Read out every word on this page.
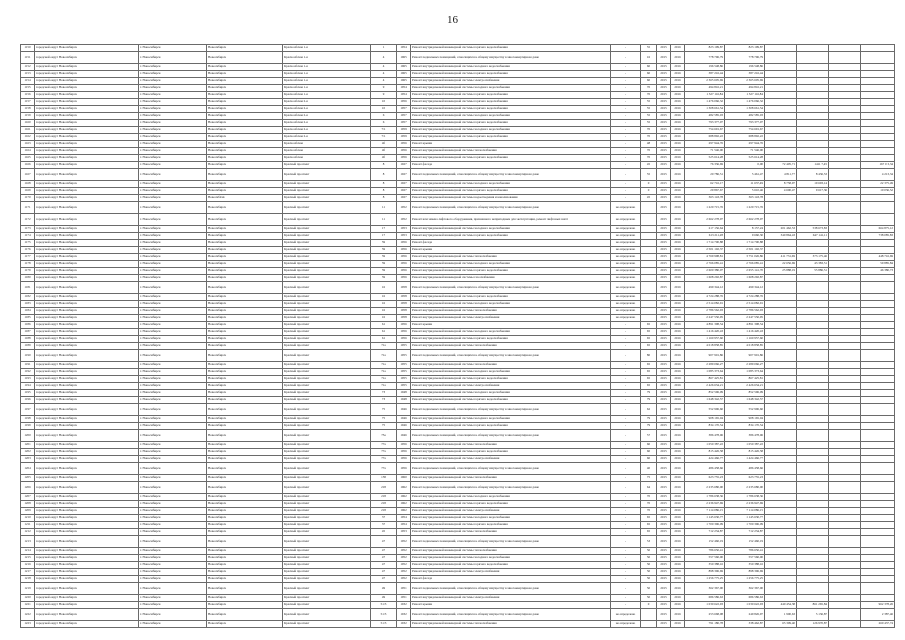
16
1150	городской округ Новосибирск	г. Новосибирск	Новосибирск	Краснообская 1-я	1	1954	Ремонт внутридомовой инженерной системы горячего водоснабжения	-	55	2015	2016	823 199,87	823 199,87				
1151	городской округ Новосибирск	г. Новосибирск	Новосибирск	Краснообская 1-я	4	1965	Ремонт подвальных помещений, относящихся к общему имуществу в многоквартирном доме	-	16	2015	2016	778 796,79	778 796,79				
1152	городской округ Новосибирск	г. Новосибирск	Новосибирск	Краснообская 1-я	4	1965	Ремонт внутридомовой инженерной системы холодного водоснабжения	-	60	2015	2016	196 548,86	196 548,86				
1153	городской округ Новосибирск	г. Новосибирск	Новосибирск	Краснообская 1-я	4	1965	Ремонт внутридомовой инженерной системы горячего водоснабжения	-	60	2015	2016	387 216,44	387 216,44				
1154	городской округ Новосибирск	г. Новосибирск	Новосибирск	Краснообская 1-я	4	1965	Ремонт внутридомовой инженерной системы электроснабжения	-	60	2015	2016	2 365 605,69	2 365 605,69				
1155	городской округ Новосибирск	г. Новосибирск	Новосибирск	Краснообская 1-я	9	1954	Ремонт внутридомовой инженерной системы холодного водоснабжения	-	70	2015	2016	494 816,21	494 816,21				
1156	городской округ Новосибирск	г. Новосибирск	Новосибирск	Краснообская 1-я	9	1954	Ремонт внутридомовой инженерной системы горячего водоснабжения	-	70	2015	2016	1 327 116,84	1 327 116,84				
1157	городской округ Новосибирск	г. Новосибирск	Новосибирск	Краснообская 2-я	10	1956	Ремонт внутридомовой инженерной системы горячего водоснабжения	-	55	2015	2016	1 476 066,32	1 476 066,32				
1158	городской округ Новосибирск	г. Новосибирск	Новосибирск	Краснообская 2-я	10	1957	Ремонт внутридомовой инженерной системы горячего водоснабжения	-	55	2015	2016	1 308 661,54	1 308 661,54				
1159	городской округ Новосибирск	г. Новосибирск	Новосибирск	Краснообская 2-я	6	1957	Ремонт внутридомовой инженерной системы холодного водоснабжения	-	55	2015	2016	482 585,03	482 585,03				
1160	городской округ Новосибирск	г. Новосибирск	Новосибирск	Краснообская 2-я	6	1957	Ремонт внутридомовой инженерной системы горячего водоснабжения	-	55	2015	2016	793 377,07	793 377,07				
1161	городской округ Новосибирск	г. Новосибирск	Новосибирск	Краснообская 2-я	7/1	1959	Ремонт внутридомовой инженерной системы холодного водоснабжения	-	70	2015	2016	754 691,67	754 691,67				
1162	городской округ Новосибирск	г. Новосибирск	Новосибирск	Краснообская 2-я	7/1	1959	Ремонт внутридомовой инженерной системы горячего водоснабжения	-	70	2015	2016	688 892,22	688 892,22				
1163	городской округ Новосибирск	г. Новосибирск	Новосибирск	Краснообская	4б	1956	Ремонт крыши	-	48	2015	2016	297 944,76	297 944,76				
1164	городской округ Новосибирск	г. Новосибирск	Новосибирск	Краснообская	4б	1956	Ремонт внутридомовой инженерной системы теплоснабжения	-	70	2015	2016	71 546,00	71 546,00				
1165	городской округ Новосибирск	г. Новосибирск	Новосибирск	Краснообская	4б	1956	Ремонт внутридомовой инженерной системы горячего водоснабжения	-	70	2015	2016	525 614,28	525 614,28				
1166	городской округ Новосибирск	г. Новосибирск	Новосибирск	Красный проспект	8	1927	Ремонт фасада	-	45	2015	2016	76 336,69	0,00	72 405,71	1411 7,45		167 0 3,34
1167	городской округ Новосибирск	г. Новосибирск	Новосибирск	Красный проспект	8	1927	Ремонт подвальных помещений, относящихся к общему имуществу в многоквартирном доме	-	55	2015	2016	20 786,51	5 461,47	4 811,77	8 436,53		4 213,34
1168	городской округ Новосибирск	г. Новосибирск	Новосибирск	Красный проспект	8	1927	Ремонт внутридомовой инженерной системы холодного водоснабжения	-	0	2015	2016	62 716,17	11 637,49	8 758,97	19 693,14		22 375,49
1169	городской округ Новосибирск	г. Новосибирск	Новосибирск	Красный проспект	8	1927	Ремонт внутридомовой инженерной системы горячего водоснабжения	-	0	2015	2016	29 867,67	5 610,46	4 600,47	9 617,36		10 036,52
1170	городской округ Новосибирск	г. Новосибирск	Новосибirsk	Красный проспект	8	1927	Ремонт внутридомовой инженерной системы водоотведения и канализования	-	45	2015	2016	363 143,78	363 143,78				
1171	городской округ Новосибирск	г. Новосибирск	Новосибирск	Красный проспект	11	1952	Ремонт подвальных помещений, относящихся к общему имуществу в многоквартирном доме	не определено		2015	2016	1 220 715,76	1 220 715,76				
1172	городской округ Новосибирск	г. Новосибирск	Новосибирск	Красный проспект	11	1952	Ремонт или замена лифтового оборудования, признанного непригодным для эксплуатации, ремонт лифтовых шахт	не определено		2015	2016	2 662 278,07	2 662 278,07				
1173	городской округ Новосибирск	г. Новосибирск	Новосибирск	Красный проспект	17	1953	Ремонт внутридомовой инженерной системы холодного водоснабжения	не определено		2015	2016	217 156,64	8 157,24	201 462,53	538 673,83		664 875,12
1174	городской округ Новосибирск	г. Новосибирск	Новосибирск	Красный проспект	17	1953	Ремонт внутридомовой инженерной системы горячего водоснабжения	не определено		2015	2016	613 211,28	9 660,30	340 864,43	647 141,11		738 085,83
1175	городской округ Новосибирск	г. Новосибирск	Новосибирск	Красный проспект	59	1956	Ремонт фасада	не определено		2015	2016	1 714 700,88	1 714 700,88				
1176	городской округ Новосибирск	г. Новосибирск	Новосибирск	Красный проспект	59	1956	Ремонт крыши	не определено		2015	2016	2 501 102,37	2 501 102,37				
1177	городской округ Новосибирск	г. Новосибирск	Новосибирск	Красный проспект	59	1956	Ремонт внутридомовой инженерной системы теплоснабжения	не определено		2015	2016	4 769 998,81	3 751 026,86	411 731,69	373 175,46		448 716,69
1178	городской округ Новосибирск	г. Новосибирск	Новосибирск	Красный проспект	59	1956	Ремонт внутридомовой инженерной системы холодного водоснабжения	не определено		2015	2016	2 766 085,41	2 766 085,41	22 656,69	43 383,51		59 885,84
1179	городской округ Новосибирск	г. Новосибирск	Новосибирск	Красный проспект	59	1956	Ремонт внутридомовой инженерной системы горячего водоснабжения	не определено		2015	2016	2 600 380,07	2 655 141,70	25 888,19	55 886,51		46 380,73
1180	городской округ Новосибирск	г. Новосибирск	Новосибирск	Красный проспект	59	1956	Ремонт внутридомовой инженерной системы газоснабжения	не определено		2015	2016	1 608 292,87	1 608 292,87				
1181	городской округ Новосибирск	г. Новосибирск	Новосибирск	Красный проспект	16	1958	Ремонт подвальных помещений, относящихся к общему имуществу в многоквартирном доме	не определено		2015	2016	499 344,12	499 344,12				
1182	городской округ Новосибирск	г. Новосибирск	Новосибирск	Красный проспект	16	1958	Ремонт внутридомовой инженерной системы горячего водоснабжения	не определено		2015	2016	4 724 288,76	4 724 288,76				
1183	городской округ Новосибирск	г. Новосибирск	Новосибирск	Красный проспект	16	1958	Ремонт внутридомовой инженерной системы холодного водоснабжения	не определено		2015	2016	2 514 082,91	2 514 082,91				
1184	городской округ Новосибирск	г. Новосибирск	Новосибирск	Красный проспект	16	1958	Ремонт внутридомовой инженерной системы теплоснабжения	не определено		2015	2016	2 786 562,93	2 786 562,93				
1185	городской округ Новосибирск	г. Новосибирск	Новосибирск	Красный проспект	16	1958	Ремонт внутридомовой инженерной системы электроснабжения	не определено		2015	2016	2 247 550,95	2 247 550,95				
1186	городской округ Новосибирск	г. Новосибирск	Новосибирск	Красный проспект	61	1956	Ремонт крыши	-	65	2015	2016	4 891 398,54	4 891 398,54				
1187	городской округ Новосибирск	г. Новосибирск	Новосибирск	Красный проспект	61	1956	Ремонт внутридомовой инженерной системы холодного водоснабжения	-	65	2015	2016	1 416 420,43	1 416 420,43				
1188	городской округ Новосибирск	г. Новосибирск	Новосибирск	Красный проспект	61	1956	Ремонт внутридомовой инженерной системы горячего водоснабжения	-	65	2015	2016	1 160 957,60	1 160 957,60				
1189	городской округ Новосибирск	г. Новосибирск	Новосибирск	Красный проспект	71а	1955	Ремонт внутридомовой инженерной системы теплоснабжения	-	65	2015	2016	4 018 858,85	4 018 858,85				
1190	городской округ Новосибирск	г. Новосибирск	Новосибирск	Красный проспект	71а	1955	Ремонт подвальных помещений, относящихся к общему имуществу в многоквартирном доме	-	80	2015	2016	907 901,86	907 901,86				
1191	городской округ Новосибирск	г. Новосибирск	Новосибирск	Красный проспект	71а	1955	Ремонт внутридомовой инженерной системы теплоснабжения	-	65	2015	2016	2 289 066,27	2 289 066,27				
1192	городской округ Новосибирск	г. Новосибирск	Новосибирск	Красный проспект	71а	1955	Ремонт внутридомовой инженерной системы холодного водоснабжения	-	65	2015	2016	1 085 373,64	1 085 373,64				
1193	городской округ Новосибирск	г. Новосибирск	Новосибирск	Красный проспект	71а	1955	Ремонт внутридомовой инженерной системы горячего водоснабжения	-	65	2015	2016	867 425,81	867 425,81				
1194	городской округ Новосибирск	г. Новосибирск	Новосибирск	Красный проспект	71а	1955	Ремонт внутридомовой инженерной системы электроснабжения	-	65	2015	2016	2 426 634,21	2 426 634,21				
1195	городской округ Новосибирск	г. Новосибирск	Новосибирск	Красный проспект	73	1948	Ремонт внутридомовой инженерной системы холодного водоснабжения	-	79	2015	2016	852 596,09	852 596,09				
1196	городской округ Новосибирск	г. Новосибирск	Новосибирск	Красный проспект	73	1948	Ремонт внутридомовой инженерной системы горячего водоснабжения	-	79	2015	2016	1 648 342,57	1 648 342,57				
1197	городской округ Новосибирск	г. Новосибирск	Новосибирск	Красный проспект	75	1946	Ремонт подвальных помещений, относящихся к общему имуществу в многоквартирном доме	-	62	2015	2016	552 996,60	552 996,60				
1198	городской округ Новосибирск	г. Новосибирск	Новосибирск	Красный проспект	75	1946	Ремонт внутридомовой инженерной системы холодного водоснабжения	-	79	2015	2016	908 165,04	908 165,04				
1199	городской округ Новосибирск	г. Новосибирск	Новосибирск	Красный проспект	75	1946	Ремонт внутридомовой инженерной системы горячего водоснабжения	-	79	2015	2016	834 170,54	834 170,54				
1200	городской округ Новосибирск	г. Новосибирск	Новосибирск	Красный проспект	75а	1946	Ремонт подвальных помещений, относящихся к общему имуществу в многоквартирном доме	-	57	2015	2016	386 478,06	386 478,06				
1201	городской округ Новосибирск	г. Новосибирск	Новосибирск	Красный проспект	77а	1956	Ремонт внутридомовой инженерной системы теплоснабжения	-	60	2015	2016	1 050 387,22	1 050 387,22				
1202	городской округ Новосибирск	г. Новосибирск	Новосибирск	Красный проспект	77а	1956	Ремонт внутридомовой инженерной системы горячего водоснабжения	-	60	2015	2016	815 426,58	815 426,58				
1203	городской округ Новосибирск	г. Новосибирск	Новосибирск	Красный проспект	77а	1956	Ремонт внутридомовой инженерной системы электроснабжения	-	60	2015	2016	424 466,77	1 424 466,77				
1204	городской округ Новосибирск	г. Новосибирск	Новосибирск	Красный проспект	77а	1956	Ремонт подвальных помещений, относящихся к общему имуществу в многоквартирном доме	-	40	2015	2016	486 458,66	486 458,66				
1205	городской округ Новосибирск	г. Новосибирск	Новосибирск	Красный проспект	158	1960	Ремонт внутридомовой инженерной системы теплоснабжения	-	75	2015	2016	623 755,23	623 755,23				
1206	городской округ Новосибирск	г. Новосибирск	Новосибирск	Красный проспект	218	1962	Ремонт подвальных помещений, относящихся к общему имуществу в многоквартирном доме	-	64	2015	2016	2 235 680,00	2 235 680,00				
1207	городской округ Новосибирск	г. Новосибирск	Новосибирск	Красный проспект	218	1962	Ремонт внутридомовой инженерной системы холодного водоснабжения	-	70	2015	2016	1 786 638,36	1 786 638,36				
1208	городской округ Новосибирск	г. Новосибирск	Новосибирск	Красный проспект	218	1962	Ремонт внутридомовой инженерной системы горячего водоснабжения	-	70	2015	2016	2 236 947,69	2 236 947,69				
1209	городской округ Новосибирск	г. Новосибирск	Новосибирск	Красный проспект	218	1962	Ремонт внутридомовой инженерной системы электроснабжения	-	70	2015	2016	7 114 086,15	7 114 086,15				
1210	городской округ Новосибирск	г. Новосибирск	Новосибирск	Красный проспект	37	1954	Ремонт внутридомовой инженерной системы холодного водоснабжения	-	65	2015	2016	1 145 630,77	1 145 630,77				
1211	городской округ Новосибирск	г. Новосибирск	Новосибирск	Красный проспект	37	1954	Ремонт внутридомовой инженерной системы горячего водоснабжения	-	65	2015	2016	1 700 396,09	1 700 396,09				
1212	городской округ Новосибирск	г. Новосибирск	Новосибирск	Красный проспект	45	1953	Ремонт внутридомовой инженерной системы теплоснабжения	-	65	2015	2016	712 234,87	712 234,87				
1213	городской округ Новосибирск	г. Новосибирск	Новосибирск	Красный проспект	47	1952	Ремонт подвальных помещений, относящихся к общему имуществу в многоквартирном доме	-	53	2015	2016	152 460,19	152 460,19				
1214	городской округ Новосибирск	г. Новосибирск	Новосибирск	Красный проспект	47	1952	Ремонт внутридомовой инженерной системы теплоснабжения	-	50	2015	2016	786 650,41	786 650,41				
1215	городской округ Новосибирск	г. Новосибирск	Новосибирск	Красный проспект	47	1952	Ремонт внутридомовой инженерной системы холодного водоснабжения	-	50	2015	2016	557 560,00	557 560,00				
1216	городской округ Новосибирск	г. Новосибирск	Новосибирск	Красный проспект	47	1952	Ремонт внутридомовой инженерной системы горячего водоснабжения	-	50	2015	2016	350 388,16	350 388,16				
1217	городской округ Новосибирск	г. Новосибирск	Новосибирск	Красный проспект	47	1952	Ремонт внутридомовой инженерной системы электроснабжения	-	50	2015	2016	898 396,69	898 396,69				
1218	городской округ Новосибирск	г. Новосибирск	Новосибирск	Красный проспект	47	1952	Ремонт фасада	-	50	2015	2016	1 256 775,25	1 256 775,25				
1219	городской округ Новосибирск	г. Новосибирск	Новосибирск	Красный проспект	49	1951	Ремонт подвальных помещений, относящихся к общему имуществу в многоквартирном доме	-	50	2015	2016	362 367,00	362 367,00				
1220	городской округ Новосибирск	г. Новосибирск	Новосибирск	Красный проспект	49	1951	Ремонт внутридомовой инженерной системы электроснабжения	-	50	2015	2016	686 586,63	686 586,63				
1221	городской округ Новосибирск	г. Новосибирск	Новосибирск	Красный проспект	51/3	1932	Ремонт крыши	-	0	2015	2016	1 030 622,93	1 030 622,93	440 454,38	861 265,84		962 378,26
1222	городской округ Новосибирск	г. Новосибирск	Новосибирск	Красный проспект	51/3	1932	Ремонт подвальных помещений, относящихся к общему имуществу в многоквартирном доме	не определено		2015	2016	253 668,08	249 826,97	1 900,63	5 136,87		2 387,46
1223	городской округ Новосибирск	г. Новосибирск	Новосибирск	Красный проспект	51/3	1932	Ремонт внутридомовой инженерной системы теплоснабжения	не определено		2015	2016	791 180,78	338 462,87	65 309,40	126 970,87		260 437,74
